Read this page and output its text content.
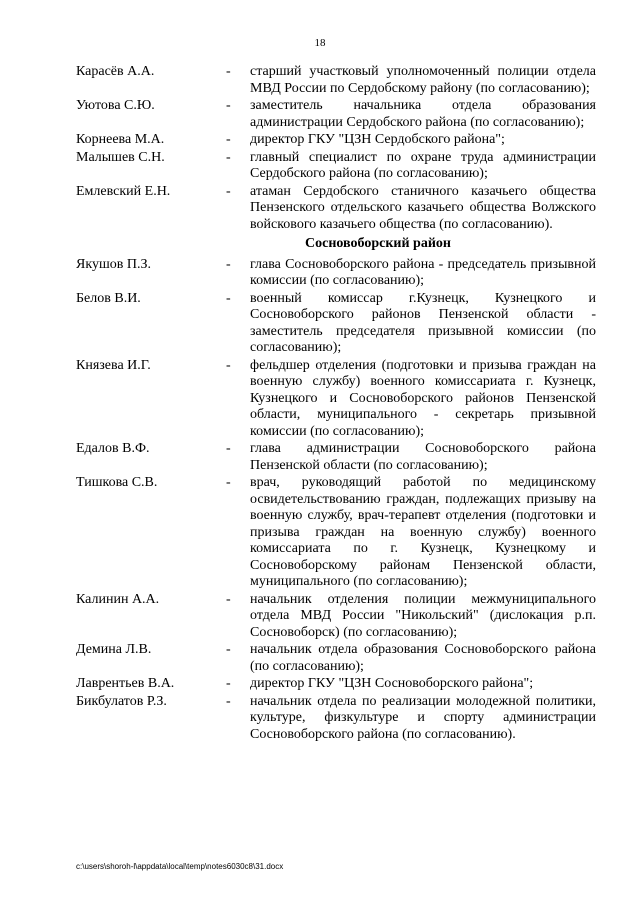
18
Карасёв А.А.	-	старший участковый уполномоченный полиции отдела МВД России по Сердобскому району (по согласованию);
Уютова С.Ю.	-	заместитель начальника отдела образования администрации Сердобского района (по согласованию);
Корнеева М.А.	-	директор ГКУ "ЦЗН Сердобского района";
Малышев С.Н.	-	главный специалист по охране труда администрации Сердобского района (по согласованию);
Емлевский Е.Н.	-	атаман Сердобского станичного казачьего общества Пензенского отдельского казачьего общества Волжского войскового казачьего общества (по согласованию).
Сосновоборский район
Якушов П.З.	-	глава Сосновоборского района - председатель призывной комиссии (по согласованию);
Белов В.И.	-	военный комиссар г.Кузнецк, Кузнецкого и Сосновоборского районов Пензенской области - заместитель председателя призывной комиссии (по согласованию);
Князева И.Г.	-	фельдшер отделения (подготовки и призыва граждан на военную службу) военного комиссариата г. Кузнецк, Кузнецкого и Сосновоборского районов Пензенской области, муниципального - секретарь призывной комиссии (по согласованию);
Едалов В.Ф.	-	глава администрации Сосновоборского района Пензенской области (по согласованию);
Тишкова С.В.	-	врач, руководящий работой по медицинскому освидетельствованию граждан, подлежащих призыву на военную службу, врач-терапевт отделения (подготовки и призыва граждан на военную службу) военного комиссариата по г. Кузнецк, Кузнецкому и Сосновоборскому районам Пензенской области, муниципального (по согласованию);
Калинин А.А.	-	начальник отделения полиции межмуниципального отдела МВД России "Никольский" (дислокация р.п. Сосновоборск) (по согласованию);
Демина Л.В.	-	начальник отдела образования Сосновоборского района (по согласованию);
Лаврентьев В.А.	-	директор ГКУ "ЦЗН Сосновоборского района";
Бикбулатов Р.З.	-	начальник отдела по реализации молодежной политики, культуре, физкультуре и спорту администрации Сосновоборского района (по согласованию).
c:\users\shoroh-l\appdata\local\temp\notes6030c8\31.docx
